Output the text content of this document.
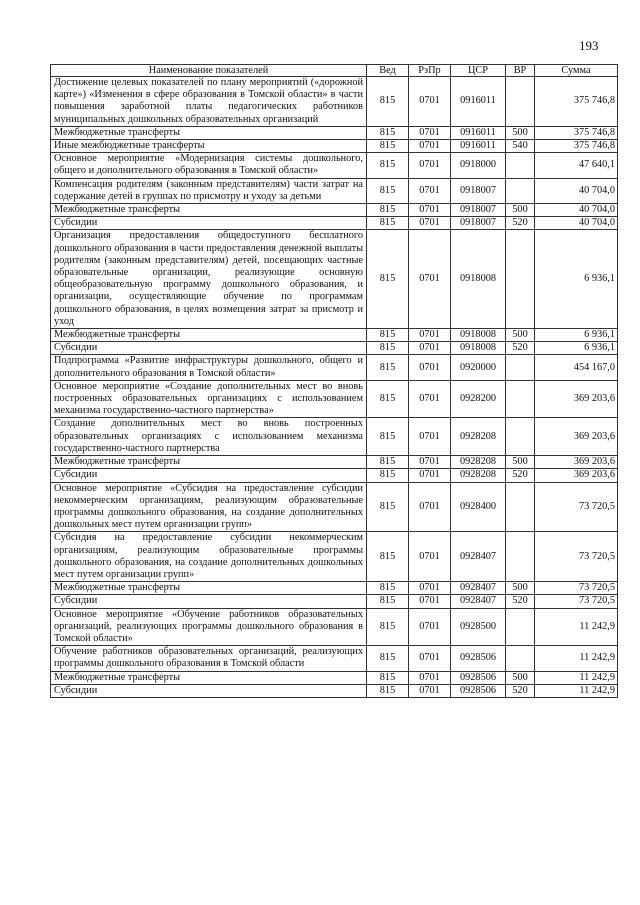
193
Наименование показателей	Вед	РзПр	ЦСР	ВР	Сумма
Достижение целевых показателей по плану мероприятий («дорожной карте») «Изменения в сфере образования в Томской области» в части повышения заработной платы педагогических работников муниципальных дошкольных образовательных организаций	815	0701	0916011		375 746,8
Межбюджетные трансферты	815	0701	0916011	500	375 746,8
Иные межбюджетные трансферты	815	0701	0916011	540	375 746,8
Основное мероприятие «Модернизация системы дошкольного, общего и дополнительного образования в Томской области»	815	0701	0918000		47 640,1
Компенсация родителям (законным представителям) части затрат на содержание детей в группах по присмотру и уходу за детьми	815	0701	0918007		40 704,0
Межбюджетные трансферты	815	0701	0918007	500	40 704,0
Субсидии	815	0701	0918007	520	40 704,0
Организация предоставления общедоступного бесплатного дошкольного образования в части предоставления денежной выплаты родителям (законным представителям) детей, посещающих частные образовательные организации, реализующие основную общеобразовательную программу дошкольного образования, и организации, осуществляющие обучение по программам дошкольного образования, в целях возмещения затрат за присмотр и уход	815	0701	0918008		6 936,1
Межбюджетные трансферты	815	0701	0918008	500	6 936,1
Субсидии	815	0701	0918008	520	6 936,1
Подпрограмма «Развитие инфраструктуры дошкольного, общего и дополнительного образования в Томской области»	815	0701	0920000		454 167,0
Основное мероприятие «Создание дополнительных мест во вновь построенных образовательных организациях с использованием механизма государственно-частного партнерства»	815	0701	0928200		369 203,6
Создание дополнительных мест во вновь построенных образовательных организациях с использованием механизма государственно-частного партнерства	815	0701	0928208		369 203,6
Межбюджетные трансферты	815	0701	0928208	500	369 203,6
Субсидии	815	0701	0928208	520	369 203,6
Основное мероприятие «Субсидия на предоставление субсидии некоммерческим организациям, реализующим образовательные программы дошкольного образования, на создание дополнительных дошкольных мест путем организации групп»	815	0701	0928400		73 720,5
Субсидия на предоставление субсидии некоммерческим организациям, реализующим образовательные программы дошкольного образования, на создание дополнительных дошкольных мест путем организации групп»	815	0701	0928407		73 720,5
Межбюджетные трансферты	815	0701	0928407	500	73 720,5
Субсидии	815	0701	0928407	520	73 720,5
Основное мероприятие «Обучение работников образовательных организаций, реализующих программы дошкольного образования в Томской области»	815	0701	0928500		11 242,9
Обучение работников образовательных организаций, реализующих программы дошкольного образования в Томской области	815	0701	0928506		11 242,9
Межбюджетные трансферты	815	0701	0928506	500	11 242,9
Субсидии	815	0701	0928506	520	11 242,9
